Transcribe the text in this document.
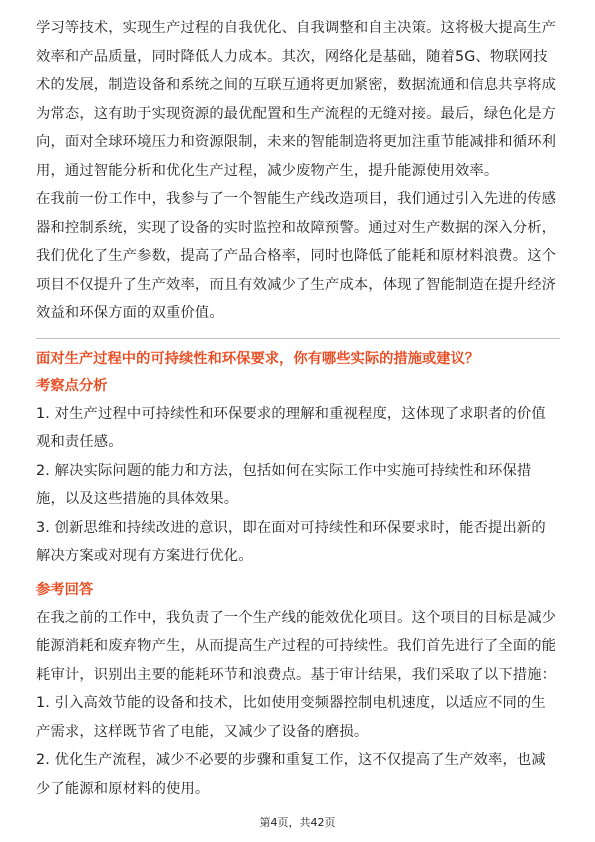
学习等技术，实现生产过程的自我优化、自我调整和自主决策。这将极大提高生产效率和产品质量，同时降低人力成本。其次，网络化是基础，随着5G、物联网技术的发展，制造设备和系统之间的互联互通将更加紧密，数据流通和信息共享将成为常态，这有助于实现资源的最优配置和生产流程的无缝对接。最后，绿色化是方向，面对全球环境压力和资源限制，未来的智能制造将更加注重节能减排和循环利用，通过智能分析和优化生产过程，减少废物产生，提升能源使用效率。

在我前一份工作中，我参与了一个智能生产线改造项目，我们通过引入先进的传感器和控制系统，实现了设备的实时监控和故障预警。通过对生产数据的深入分析，我们优化了生产参数，提高了产品合格率，同时也降低了能耗和原材料浪费。这个项目不仅提升了生产效率，而且有效减少了生产成本，体现了智能制造在提升经济效益和环保方面的双重价值。

面对生产过程中的可持续性和环保要求，你有哪些实际的措施或建议？
考察点分析

1. 对生产过程中可持续性和环保要求的理解和重视程度，这体现了求职者的价值观和责任感。

2. 解决实际问题的能力和方法，包括如何在实际工作中实施可持续性和环保措施，以及这些措施的具体效果。

3. 创新思维和持续改进的意识，即在面对可持续性和环保要求时，能否提出新的解决方案或对现有方案进行优化。

参考回答

在我之前的工作中，我负责了一个生产线的能效优化项目。这个项目的目标是减少能源消耗和废弃物产生，从而提高生产过程的可持续性。我们首先进行了全面的能耗审计，识别出主要的能耗环节和浪费点。基于审计结果，我们采取了以下措施：

1. 引入高效节能的设备和技术，比如使用变频器控制电机速度，以适应不同的生产需求，这样既节省了电能，又减少了设备的磨损。

2. 优化生产流程，减少不必要的步骤和重复工作，这不仅提高了生产效率，也减少了能源和原材料的使用。

第4页，共42页
